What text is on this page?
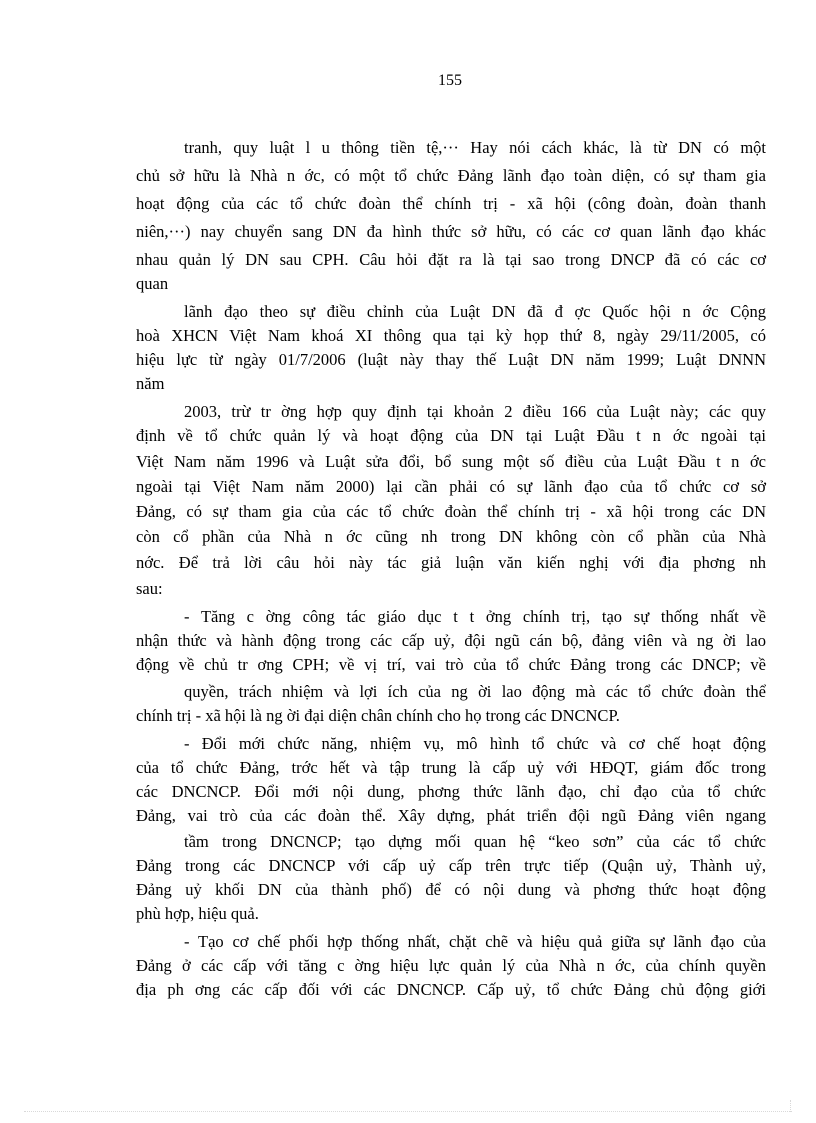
155
tranh, quy luật l u thông tiền tệ,··· Hay nói cách khác, là từ DN có một
chủ sở hữu là Nhà n ớc, có một tổ chức Đảng lãnh đạo toàn diện, có sự tham gia
hoạt động của các tổ chức đoàn thể chính trị - xã hội (công đoàn, đoàn thanh
niên,···) nay chuyển sang DN đa hình thức sở hữu, có các cơ quan lãnh đạo khác
nhau quản lý DN sau CPH. Câu hỏi đặt ra là tại sao trong DNCP đã có các cơ
quan
lãnh đạo theo sự điều chỉnh của Luật DN đã đ ợc Quốc hội n ớc Cộng
hoà XHCN Việt Nam khoá XI thông qua tại kỳ họp thứ 8, ngày 29/11/2005, có
hiệu lực từ ngày 01/7/2006 (luật này thay thế Luật DN năm 1999; Luật DNNN
năm
2003, trừ tr ờng hợp quy định tại khoản 2 điều 166 của Luật này; các quy
định về tổ chức quản lý và hoạt động của DN tại Luật Đầu t n ớc ngoài tại
Việt Nam năm 1996 và Luật sửa đổi, bổ sung một số điều của Luật Đầu t n ớc
ngoài tại Việt Nam năm 2000) lại cần phải có sự lãnh đạo của tổ chức cơ sở
Đảng, có sự tham gia của các tổ chức đoàn thể chính trị - xã hội trong các DN
còn cổ phần của Nhà n ớc cũng nh trong DN không còn cổ phần của Nhà
nớc. Để trả lời câu hỏi này tác giả luận văn kiến nghị với địa phơng nh
sau:
- Tăng c ờng công tác giáo dục t t ởng chính trị, tạo sự thống nhất về
nhận thức và hành động trong các cấp uỷ, đội ngũ cán bộ, đảng viên và ng ời lao
động về chủ tr ơng CPH; về vị trí, vai trò của tổ chức Đảng trong các DNCP; về
quyền, trách nhiệm và lợi ích của ng ời lao động mà các tổ chức đoàn thể
chính trị - xã hội là ng ời đại diện chân chính cho họ trong các DNCNCP.
- Đổi mới chức năng, nhiệm vụ, mô hình tổ chức và cơ chế hoạt động
của tổ chức Đảng, trớc hết và tập trung là cấp uỷ với HĐQT, giám đốc trong
các DNCNCP. Đổi mới nội dung, phơng thức lãnh đạo, chỉ đạo của tổ chức
Đảng, vai trò của các đoàn thể. Xây dựng, phát triển đội ngũ Đảng viên ngang
tầm trong DNCNCP; tạo dựng mối quan hệ “keo sơn” của các tổ chức
Đảng trong các DNCNCP với cấp uỷ cấp trên trực tiếp (Quận uỷ, Thành uỷ,
Đảng uỷ khối DN của thành phố) để có nội dung và phơng thức hoạt động
phù hợp, hiệu quả.
- Tạo cơ chế phối hợp thống nhất, chặt chẽ và hiệu quả giữa sự lãnh đạo của
Đảng ở các cấp với tăng c ờng hiệu lực quản lý của Nhà n ớc, của chính quyền
địa ph ơng các cấp đối với các DNCNCP. Cấp uỷ, tổ chức Đảng chủ động giới
